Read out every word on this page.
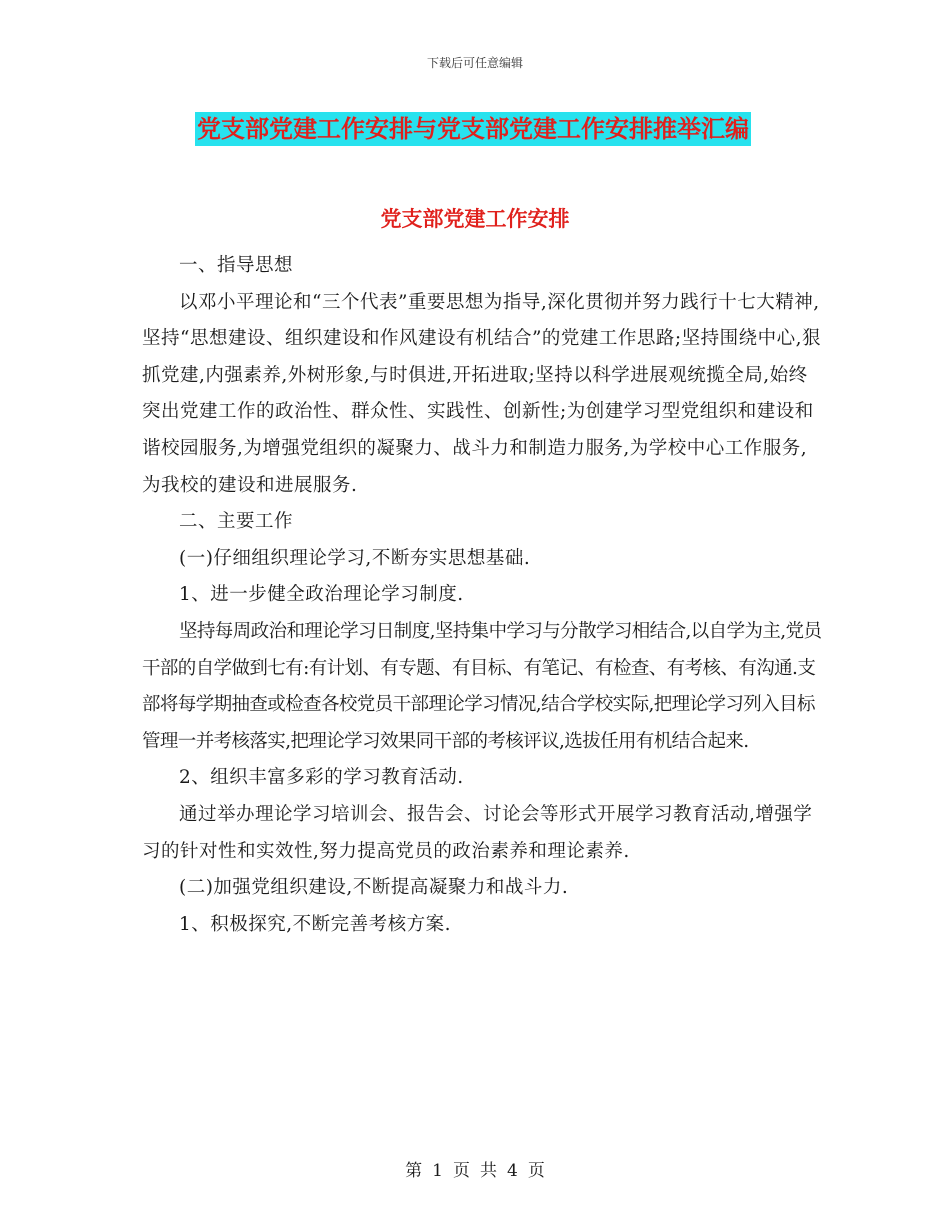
下载后可任意编辑
党支部党建工作安排与党支部党建工作安排推举汇编
党支部党建工作安排

一、指导思想

以邓小平理论和“三个代表”重要思想为指导,深化贯彻并努力践行十七大精神,坚持“思想建设、组织建设和作风建设有机结合”的党建工作思路;坚持围绕中心,狠抓党建,内强素养,外树形象,与时俱进,开拓进取;坚持以科学进展观统揽全局,始终突出党建工作的政治性、群众性、实践性、创新性;为创建学习型党组织和建设和谐校园服务,为增强党组织的凝聚力、战斗力和制造力服务,为学校中心工作服务,为我校的建设和进展服务.

二、主要工作

(一)仔细组织理论学习,不断夯实思想基础.

1、进一步健全政治理论学习制度.

坚持每周政治和理论学习日制度,坚持集中学习与分散学习相结合,以自学为主,党员干部的自学做到七有:有计划、有专题、有目标、有笔记、有检查、有考核、有沟通.支部将每学期抽查或检查各校党员干部理论学习情况,结合学校实际,把理论学习列入目标管理一并考核落实,把理论学习效果同干部的考核评议,选拔任用有机结合起来.

2、组织丰富多彩的学习教育活动.

通过举办理论学习培训会、报告会、讨论会等形式开展学习教育活动,增强学习的针对性和实效性,努力提高党员的政治素养和理论素养.

(二)加强党组织建设,不断提高凝聚力和战斗力.

1、积极探究,不断完善考核方案.

第 1 页 共 4 页
